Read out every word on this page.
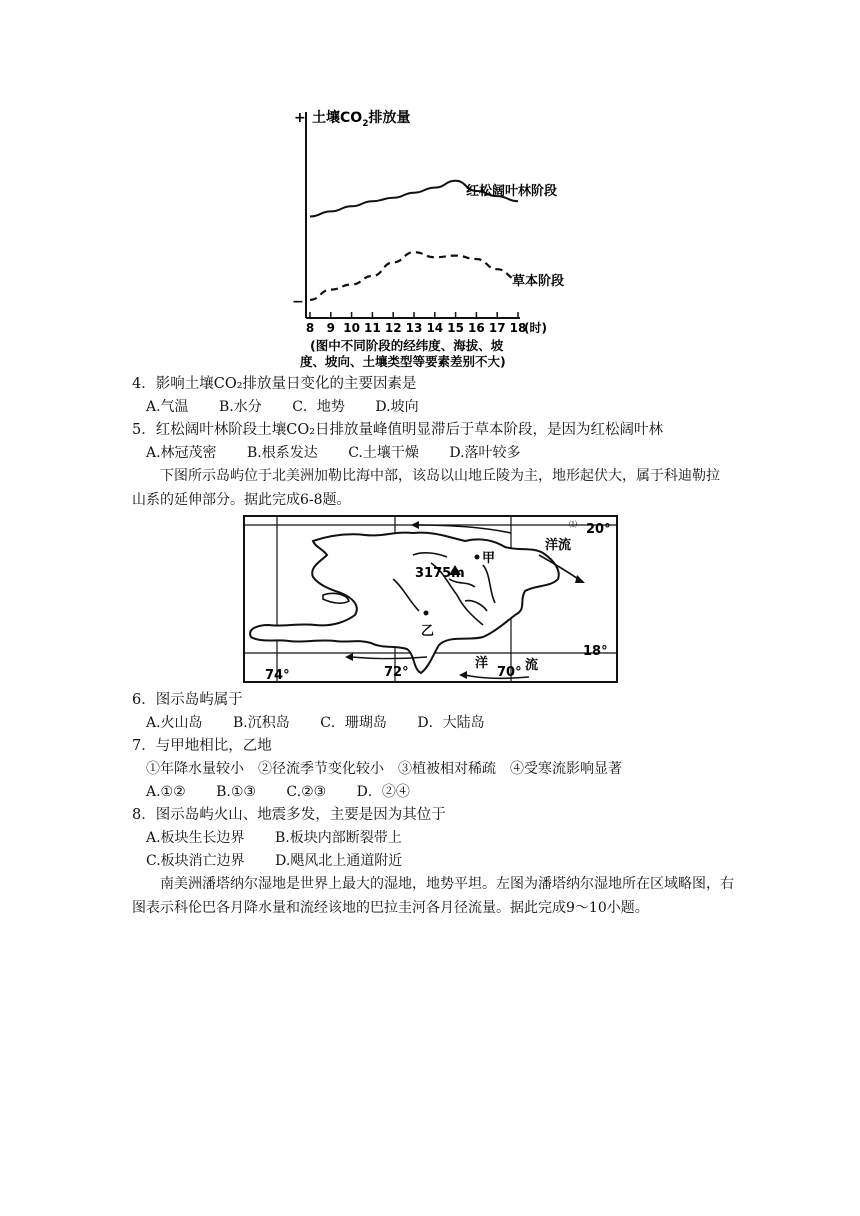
+ 土壤$CO_2$排放量
−
红松阔叶林阶段
草本阶段
8 9 10 11 12 13 14 15 16 17 18
(时)
(图中不同阶段的经纬度、海拔、坡
度、坡向、土壤类型等要素差别不大)
4．影响土壤CO₂排放量日变化的主要因素是
A.气温 B.水分 C．地势 D.坡向
5．红松阔叶林阶段土壤CO₂日排放量峰值明显滞后于草本阶段，是因为红松阔叶林
A.林冠茂密 B.根系发达 C.土壤干燥 D.落叶较多
下图所示岛屿位于北美洲加勒比海中部，该岛以山地丘陵为主，地形起伏大，属于科迪勒拉山系的延伸部分。据此完成6-8题。
3175m
甲
乙
20°
⑴
18°
74°	72°	70°
洋流
洋	流
6．图示岛屿属于
A.火山岛 B.沉积岛 C．珊瑚岛 D．大陆岛
7．与甲地相比，乙地
①年降水量较小　②径流季节变化较小　③植被相对稀疏　④受寒流影响显著
A.①② B.①③ C.②③ D．②④
8．图示岛屿火山、地震多发，主要是因为其位于
A.板块生长边界 B.板块内部断裂带上
C.板块消亡边界 D.飓风北上通道附近
南美洲潘塔纳尔湿地是世界上最大的湿地，地势平坦。左图为潘塔纳尔湿地所在区域略图，右图表示科伦巴各月降水量和流经该地的巴拉圭河各月径流量。据此完成9～10小题。
